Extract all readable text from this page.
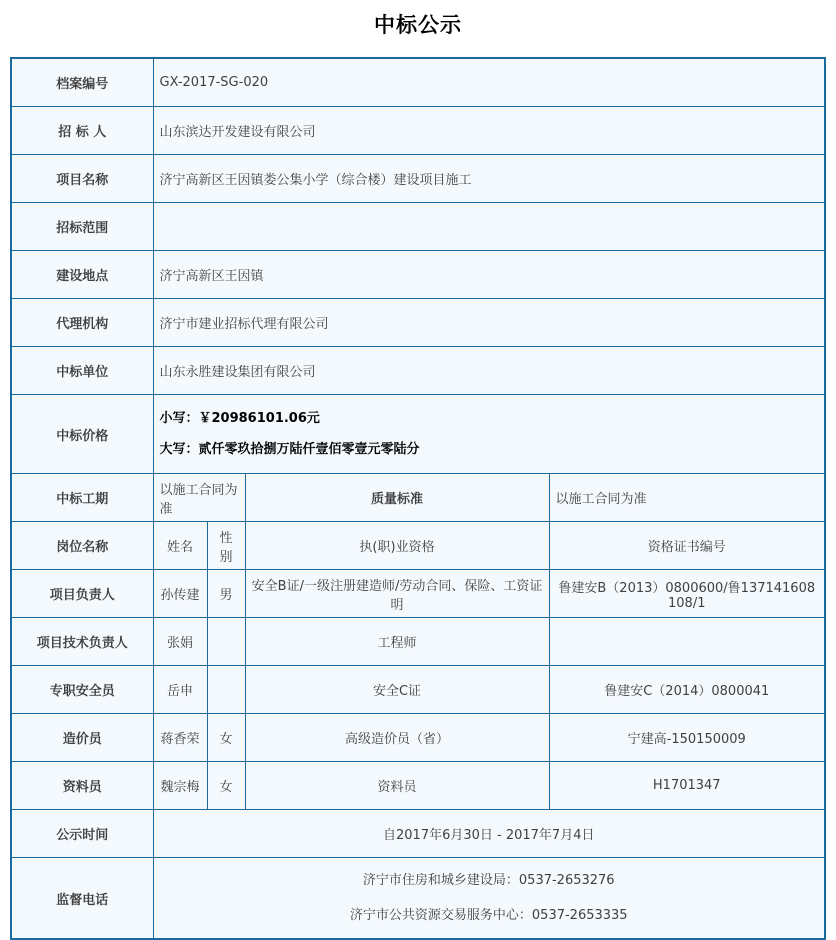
中标公示
档案编号	GX-2017-SG-020			
招 标 人	山东滨达开发建设有限公司			
项目名称	济宁高新区王因镇娄公集小学（综合楼）建设项目施工			
招标范围				
建设地点	济宁高新区王因镇			
代理机构	济宁市建业招标代理有限公司			
中标单位	山东永胜建设集团有限公司			
中标价格	小写：￥20986101.06元
大写：贰仟零玖拾捌万陆仟壹佰零壹元零陆分			

中标工期	以施工合同为准		质量标准	以施工合同为准
岗位名称	姓名	性别	执(职)业资格	资格证书编号
项目负责人	孙传建	男	安全B证/一级注册建造师/劳动合同、保险、工资证明	鲁建安B（2013）0800600/鲁137141608108/1
项目技术负责人	张娟		工程师	
专职安全员	岳申		安全C证	鲁建安C（2014）0800041
造价员	蒋香荣	女	高级造价员（省）	宁建高-150150009
资料员	魏宗梅	女	资料员	H1701347
公示时间	自2017年6月30日 - 2017年7月4日			
监督电话	济宁市住房和城乡建设局：0537-2653276
济宁市公共资源交易服务中心：0537-2653335			
